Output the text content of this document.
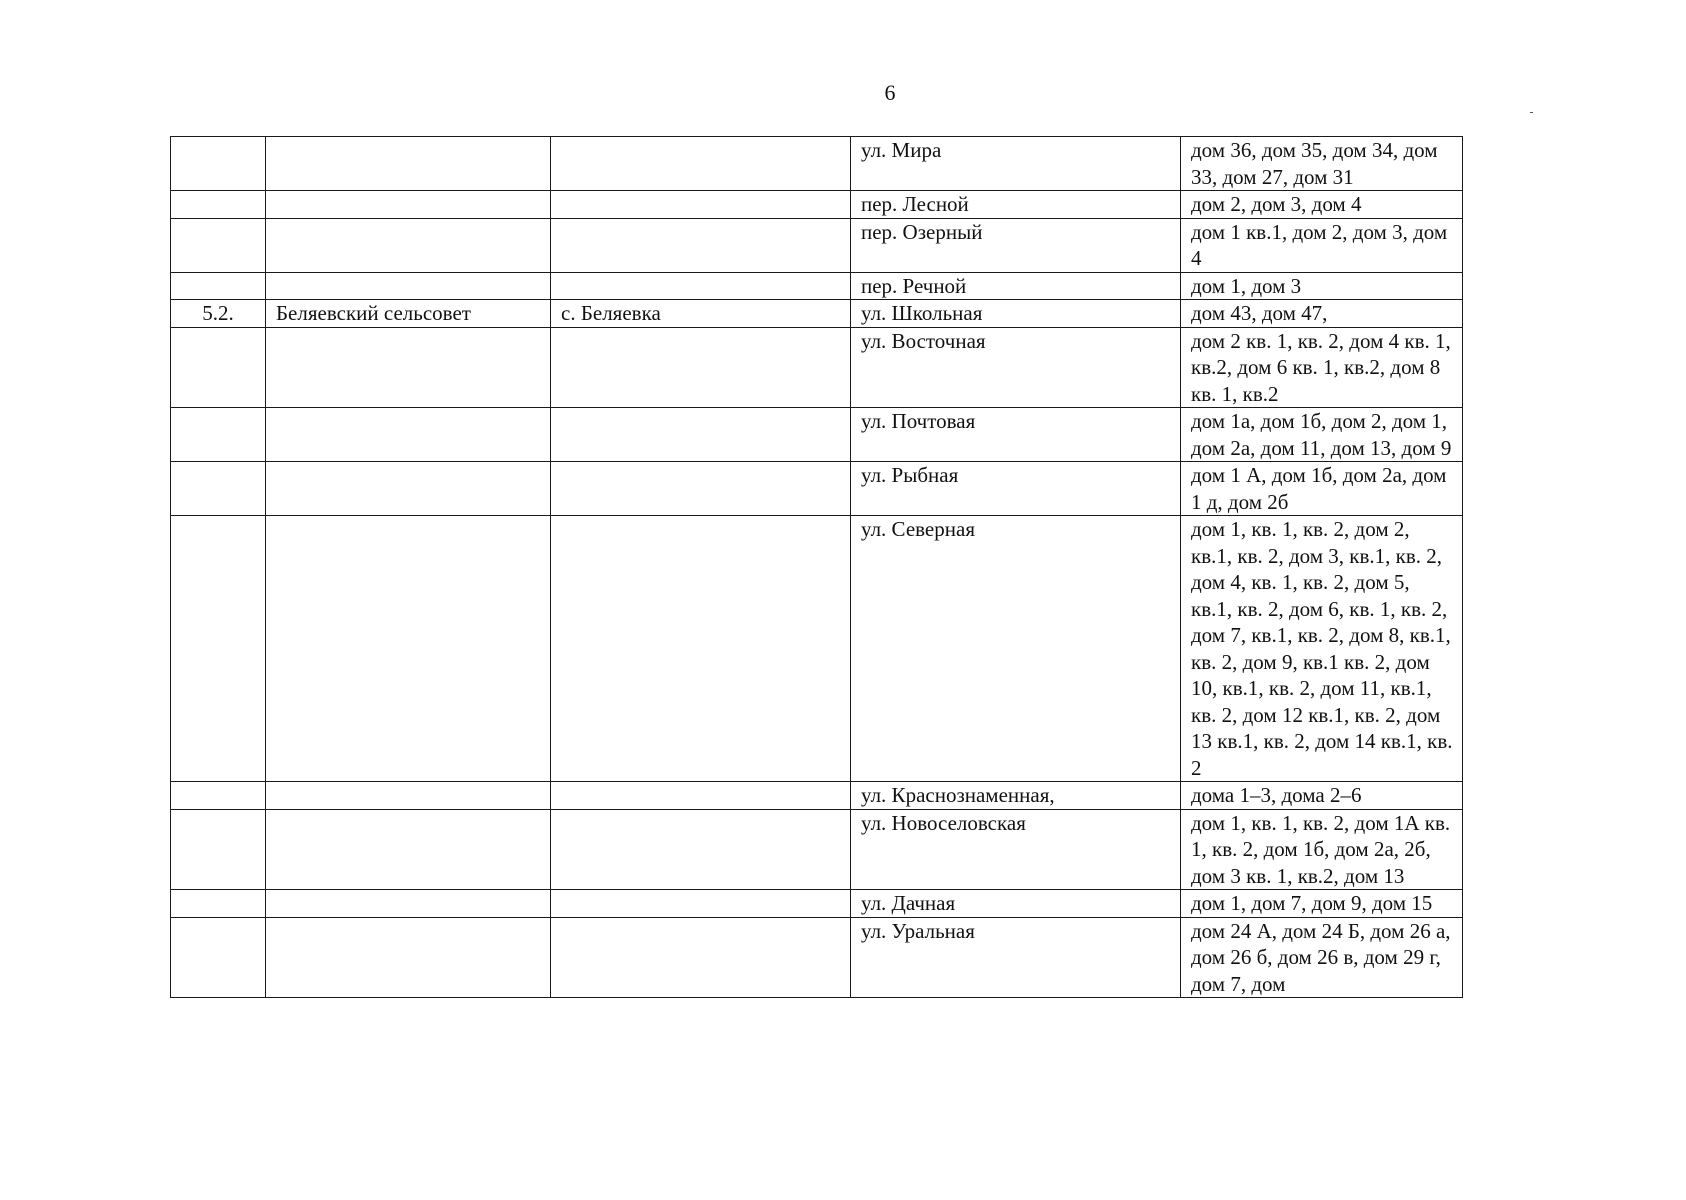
6
			ул. Мира	дом 36, дом 35, дом 34, дом 33, дом 27, дом 31
			пер. Лесной	дом 2, дом 3, дом 4
			пер. Озерный	дом 1 кв.1, дом 2, дом 3, дом 4
			пер. Речной	дом 1, дом 3
5.2.	Беляевский сельсовет	с. Беляевка	ул. Школьная	дом 43, дом 47,
			ул. Восточная	дом 2 кв. 1, кв. 2, дом 4 кв. 1, кв.2, дом 6 кв. 1, кв.2, дом 8 кв. 1, кв.2
			ул. Почтовая	дом 1а, дом 1б, дом 2, дом 1, дом 2а, дом 11, дом 13, дом 9
			ул. Рыбная	дом 1 А, дом 1б, дом 2а, дом 1 д, дом 2б
			ул. Северная	дом 1, кв. 1, кв. 2, дом 2, кв.1, кв. 2, дом 3, кв.1, кв. 2, дом 4, кв. 1, кв. 2, дом 5, кв.1, кв. 2, дом 6, кв. 1, кв. 2, дом 7, кв.1, кв. 2, дом 8, кв.1, кв. 2, дом 9, кв.1 кв. 2, дом 10, кв.1, кв. 2, дом 11, кв.1, кв. 2, дом 12 кв.1, кв. 2, дом 13 кв.1, кв. 2, дом 14 кв.1, кв. 2
			ул. Краснознаменная,	дома 1–3, дома 2–6
			ул. Новоселовская	дом 1, кв. 1, кв. 2, дом 1А кв. 1, кв. 2, дом 1б, дом 2а, 2б, дом 3 кв. 1, кв.2, дом 13
			ул. Дачная	дом 1, дом 7, дом 9, дом 15
			ул. Уральная	дом 24 А, дом 24 Б, дом 26 а, дом 26 б, дом 26 в, дом 29 г, дом 7, дом
